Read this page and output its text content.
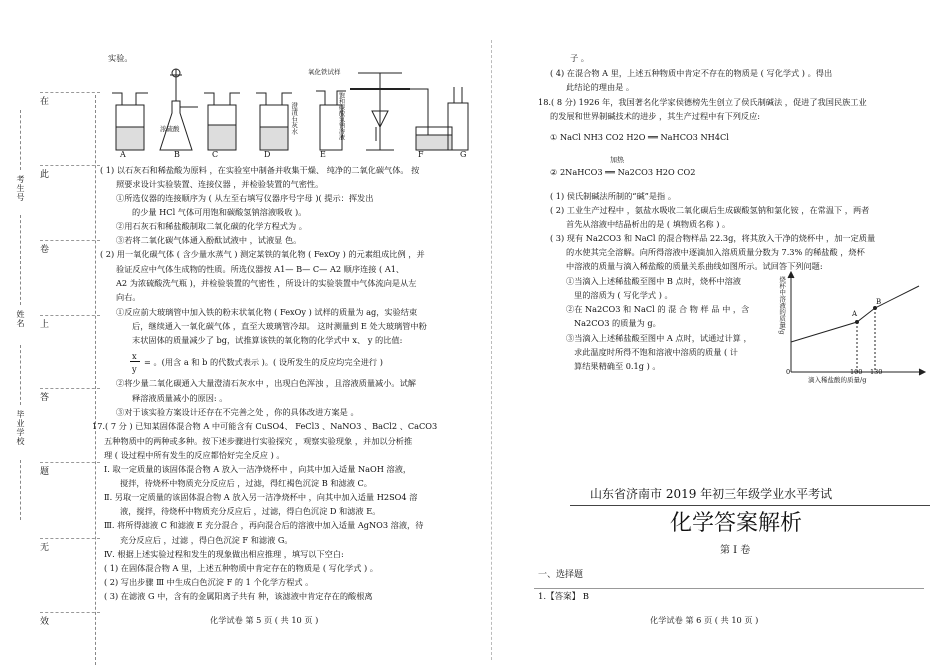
在
此
卷
上
答
题
无
效
考生号
姓名
毕业学校
实验。
A	B	C	D	E	F	G
浓硫酸	澄清石灰水
氧化铁试样
饱和碳酸氢钠溶液
( 1) 以石灰石和稀盐酸为原料 ，在实验室中制备并收集干燥、 纯净的二氧化碳气体。 按
照要求设计实验装置、连接仪器 ，并检验装置的气密性。
①所选仪器的连接顺序为 ( 从左至右填写仪器序号字母 )( 提示：挥发出
的少量 HCl 气体可用饱和碳酸氢钠溶液吸收 )。
②用石灰石和稀盐酸制取二氧化碳的化学方程式为 。
③若将二氧化碳气体通入酚酞试液中 ，试液显 色。
( 2) 用一氧化碳气体 ( 含少量水蒸气 ) 测定某铁的氧化物 ( FexOy ) 的元素组成比例 ，并
验证反应中气体生成物的性质。所选仪器按 A1— B— C— A2 顺序连接 ( A1、
A2 为浓硫酸洗气瓶 )，并检验装置的气密性 ，所设计的实验装置中气体流向是从左
向右。
①反应前大玻璃管中加入铁的粉末状氧化物 ( FexOy ) 试样的质量为 ag，实验结束
后，继续通入一氧化碳气体 ，直至大玻璃管冷却。 这时测量到 E 处大玻璃管中粉
末状固体的质量减少了 bg，试推算该铁的氧化物的化学式中 x、 y 的比值:
x
y
= 。(用含 a 和 b 的代数式表示 )。( 设所发生的反应均完全进行 )
②将少量二氧化碳通入大量澄清石灰水中 ，出现白色浑浊 ，且溶液质量减小。试解
释溶液质量减小的原因: 。
③对于该实验方案设计还存在不完善之处 ，你的具体改进方案是 。
17.( 7 分 ) 已知某固体混合物 A 中可能含有 CuSO4、 FeCl3 、NaNO3 、BaCl2 、CaCO3
五种物质中的两种或多种。按下述步骤进行实验探究 ，观察实验现象 ，并加以分析推
理 ( 设过程中所有发生的反应都恰好完全反应 ) 。
Ⅰ. 取一定质量的该固体混合物 A 放入一洁净烧杯中 ，向其中加入适量 NaOH 溶液，
搅拌，待烧杯中物质充分反应后 ，过滤，得红褐色沉淀 B 和滤液 C。
Ⅱ. 另取一定质量的该固体混合物 A 放入另一洁净烧杯中 ，向其中加入适量 H2SO4 溶
液，搅拌，待烧杯中物质充分反应后 ，过滤，得白色沉淀 D 和滤液 E。
Ⅲ. 将所得滤液 C 和滤液 E 充分混合 ，再向混合后的溶液中加入适量 AgNO3 溶液，待
充分反应后 ，过滤 ，得白色沉淀 F 和滤液 G。
Ⅳ. 根据上述实验过程和发生的现象做出相应推理 ，填写以下空白:
( 1) 在固体混合物 A 里，上述五种物质中肯定存在的物质是 ( 写化学式 ) 。
( 2) 写出步骤 Ⅲ 中生成白色沉淀 F 的 1 个化学方程式 。
( 3) 在滤液 G 中，含有的金属阳离子共有 种，该滤液中肯定存在的酸根离
化学试卷 第 5 页 ( 共 10 页 )
子 。
( 4) 在混合物 A 里，上述五种物质中肯定不存在的物质是 ( 写化学式 ) 。得出
此结论的理由是 。
18.( 8 分) 1926 年，我国著名化学家侯德榜先生创立了侯氏制碱法 ，促进了我国民族工业
的发展和世界制碱技术的进步 ，其生产过程中有下列反应:
① NaCl NH3 CO2 H2O ══ NaHCO3 NH4Cl
加热
② 2NaHCO3 ══ Na2CO3 H2O CO2
( 1) 侯氏制碱法所制的“碱”是指 。
( 2) 工业生产过程中 ，氨盐水吸收二氧化碳后生成碳酸氢钠和氯化铵 ，在常温下 ，两者
首先从溶液中结晶析出的是 ( 填物质名称 ) 。
( 3) 现有 Na2CO3 和 NaCl 的混合物样品 22.3g，将其放入干净的烧杯中 ，加一定质量
的水使其完全溶解。向所得溶液中逐滴加入溶质质量分数为 7.3% 的稀盐酸 ，烧杯
中溶液的质量与滴入稀盐酸的质量关系曲线如图所示。试回答下列问题:
①当滴入上述稀盐酸至图中 B 点时，烧杯中溶液
里的溶质为 ( 写化学式 ) 。
②在 Na2CO3 和 NaCl 的 混 合 物 样 品 中 ，含
Na2CO3 的质量为 g。
③当滴入上述稀盐酸至图中 A 点时，试通过计算 ，
求此温度时所得不饱和溶液中溶质的质量 ( 计
算结果精确至 0.1g ) 。
烧杯中溶液的质量/g
滴入稀盐酸的质量/g
0	100 130
A
B
山东省济南市 2019 年初三年级学业水平考试
化学答案解析
第 Ⅰ 卷
一、选择题
1.【答案】 B
化学试卷 第 6 页 ( 共 10 页 )
